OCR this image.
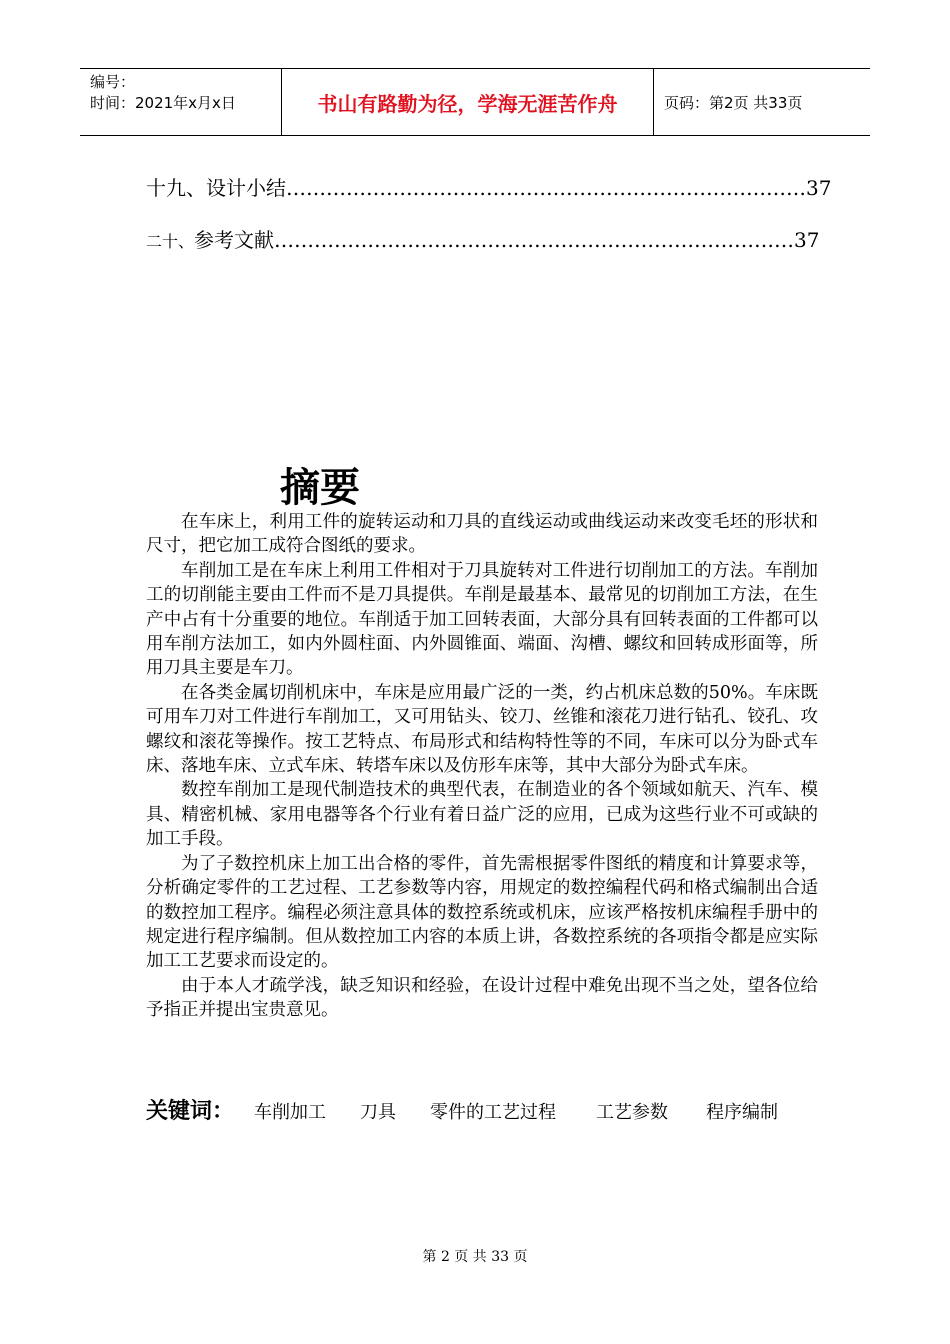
编号：
时间：2021年x月x日	书山有路勤为径，学海无涯苦作舟	页码：第2页 共33页
十九、 设计小结 …………………………………………………………………… 37
二十、 参考文献 …………………………………………………………………… 37
摘要

在车床上，利用工件的旋转运动和刀具的直线运动或曲线运动来改变毛坯的形状和尺寸，把它加工成符合图纸的要求。

车削加工是在车床上利用工件相对于刀具旋转对工件进行切削加工的方法。车削加工的切削能主要由工件而不是刀具提供。车削是最基本、最常见的切削加工方法，在生产中占有十分重要的地位。车削适于加工回转表面，大部分具有回转表面的工件都可以用车削方法加工，如内外圆柱面、内外圆锥面、端面、沟槽、螺纹和回转成形面等，所用刀具主要是车刀。

在各类金属切削机床中，车床是应用最广泛的一类，约占机床总数的50%。车床既可用车刀对工件进行车削加工，又可用钻头、铰刀、丝锥和滚花刀进行钻孔、铰孔、攻螺纹和滚花等操作。按工艺特点、布局形式和结构特性等的不同，车床可以分为卧式车床、落地车床、立式车床、转塔车床以及仿形车床等，其中大部分为卧式车床。

数控车削加工是现代制造技术的典型代表，在制造业的各个领域如航天、汽车、模具、精密机械、家用电器等各个行业有着日益广泛的应用，已成为这些行业不可或缺的加工手段。

为了子数控机床上加工出合格的零件，首先需根据零件图纸的精度和计算要求等，分析确定零件的工艺过程、工艺参数等内容，用规定的数控编程代码和格式编制出合适的数控加工程序。编程必须注意具体的数控系统或机床，应该严格按机床编程手册中的规定进行程序编制。但从数控加工内容的本质上讲，各数控系统的各项指令都是应实际加工工艺要求而设定的。

由于本人才疏学浅，缺乏知识和经验，在设计过程中难免出现不当之处，望各位给予指正并提出宝贵意见。

关键词： 车削加工 刀具 零件的工艺过程 工艺参数 程序编制
第 2 页 共 33 页
